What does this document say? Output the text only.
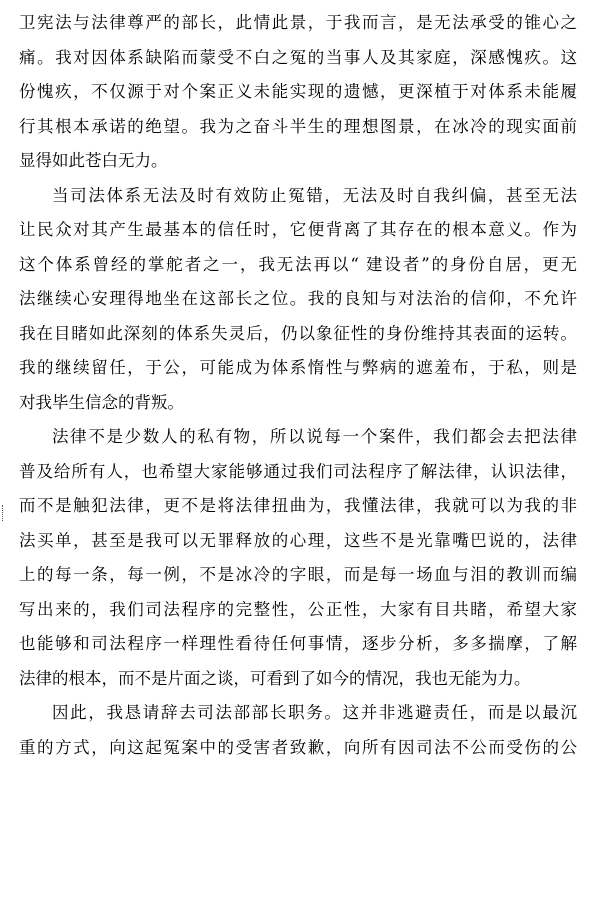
卫宪法与法律尊严的部长，此情此景，于我而言，是无法承受的锥心之
痛。我对因体系缺陷而蒙受不白之冤的当事人及其家庭，深感愧疚。这
份愧疚，不仅源于对个案正义未能实现的遗憾，更深植于对体系未能履
行其根本承诺的绝望。我为之奋斗半生的理想图景，在冰冷的现实面前
显得如此苍白无力。
当司法体系无法及时有效防止冤错，无法及时自我纠偏，甚至无法
让民众对其产生最基本的信任时，它便背离了其存在的根本意义。作为
这个体系曾经的掌舵者之一，我无法再以“ 建设者”的身份自居，更无
法继续心安理得地坐在这部长之位。我的良知与对法治的信仰，不允许
我在目睹如此深刻的体系失灵后，仍以象征性的身份维持其表面的运转。
我的继续留任，于公，可能成为体系惰性与弊病的遮羞布，于私，则是
对我毕生信念的背叛。
法律不是少数人的私有物，所以说每一个案件，我们都会去把法律
普及给所有人，也希望大家能够通过我们司法程序了解法律，认识法律，
而不是触犯法律，更不是将法律扭曲为，我懂法律，我就可以为我的非
法买单，甚至是我可以无罪释放的心理，这些不是光靠嘴巴说的，法律
上的每一条，每一例，不是冰冷的字眼，而是每一场血与泪的教训而编
写出来的，我们司法程序的完整性，公正性，大家有目共睹，希望大家
也能够和司法程序一样理性看待任何事情，逐步分析，多多揣摩，了解
法律的根本，而不是片面之谈，可看到了如今的情况，我也无能为力。
因此，我恳请辞去司法部部长职务。这并非逃避责任，而是以最沉
重的方式，向这起冤案中的受害者致歉，向所有因司法不公而受伤的公
